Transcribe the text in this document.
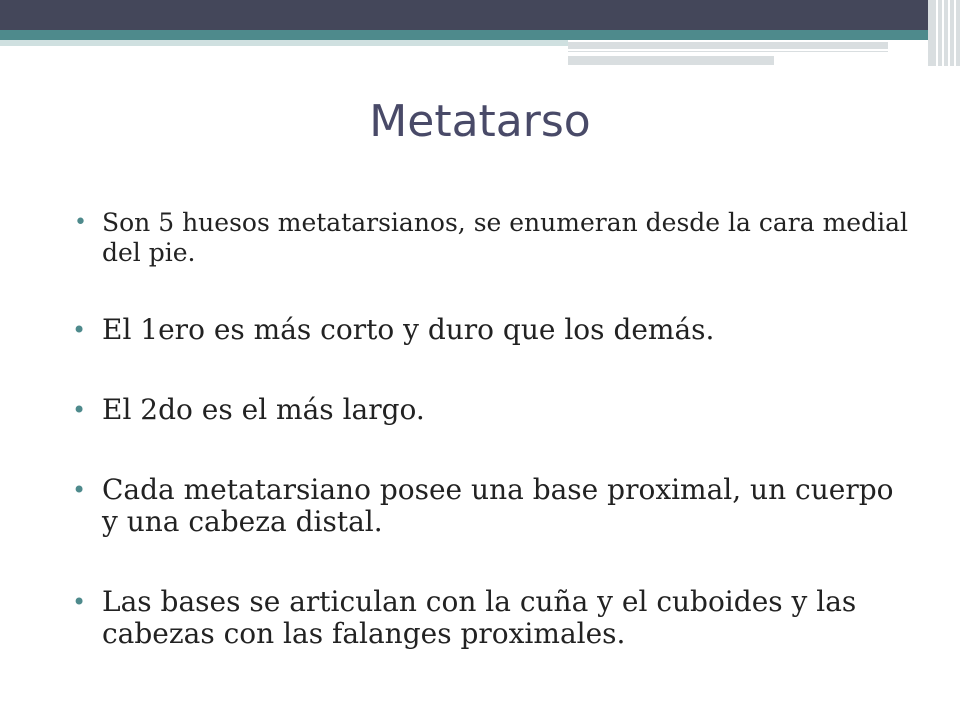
Metatarso
• Son 5 huesos metatarsianos, se enumeran desde la cara medial del pie.
• El 1ero es más corto y duro que los demás.
• El 2do es el más largo.
• Cada metatarsiano posee una base proximal, un cuerpo y una cabeza distal.
• Las bases se articulan con la cuña y el cuboides y las cabezas con las falanges proximales.
